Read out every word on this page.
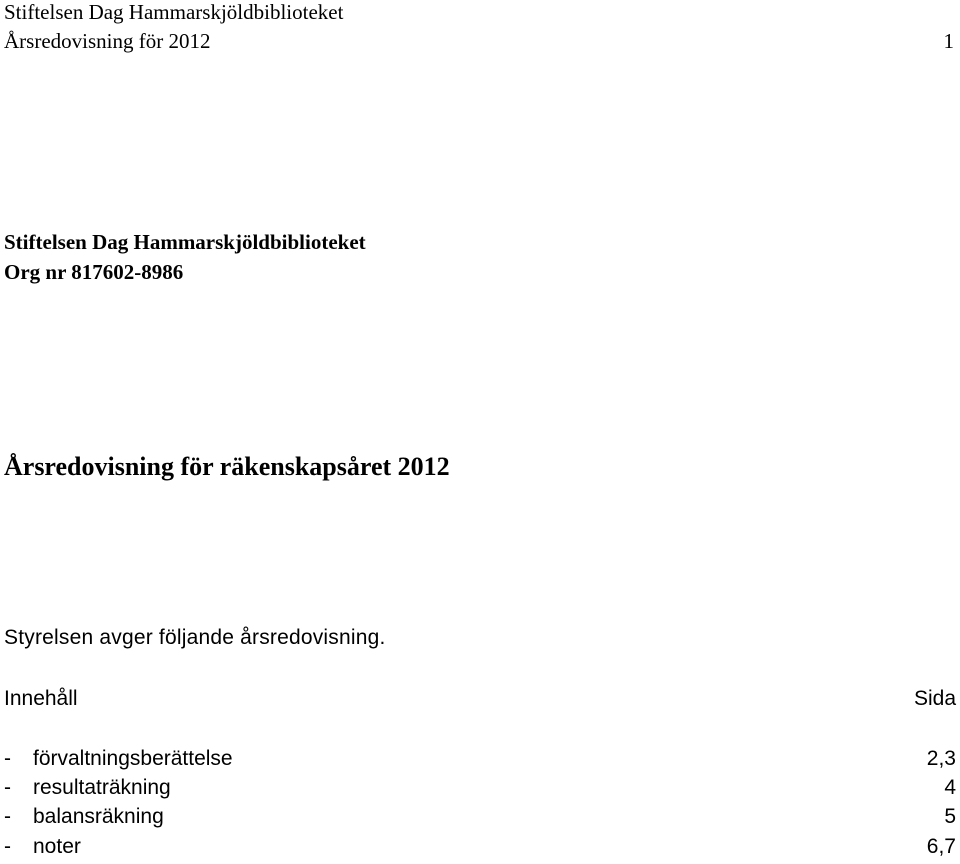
Stiftelsen Dag Hammarskjöldbiblioteket
Årsredovisning för 2012	1
Stiftelsen Dag Hammarskjöldbiblioteket
Org nr 817602-8986
Årsredovisning för räkenskapsåret 2012
Styrelsen avger följande årsredovisning.
Innehåll	Sida
- förvaltningsberättelse	2,3
- resultaträkning	4
- balansräkning	5
- noter	6,7
